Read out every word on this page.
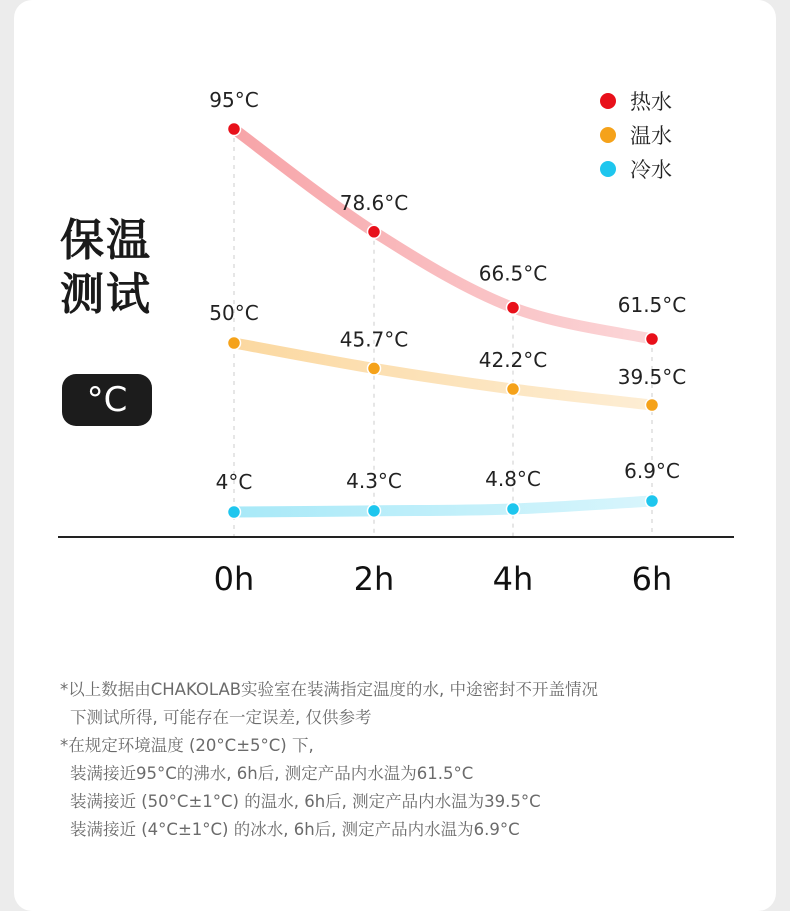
保温
测试
°C
热水
温水
冷水
95°C
78.6°C
66.5°C
61.5°C
50°C
45.7°C
42.2°C
39.5°C
4°C	4.3°C	4.8°C	6.9°C
0h	2h	4h	6h
*以上数据由CHAKOLAB实验室在装满指定温度的水, 中途密封不开盖情况
下测试所得, 可能存在一定误差, 仅供参考
*在规定环境温度 (20°C±5°C) 下,
装满接近95°C的沸水, 6h后, 测定产品内水温为61.5°C
装满接近 (50°C±1°C) 的温水, 6h后, 测定产品内水温为39.5°C
装满接近 (4°C±1°C) 的冰水, 6h后, 测定产品内水温为6.9°C
